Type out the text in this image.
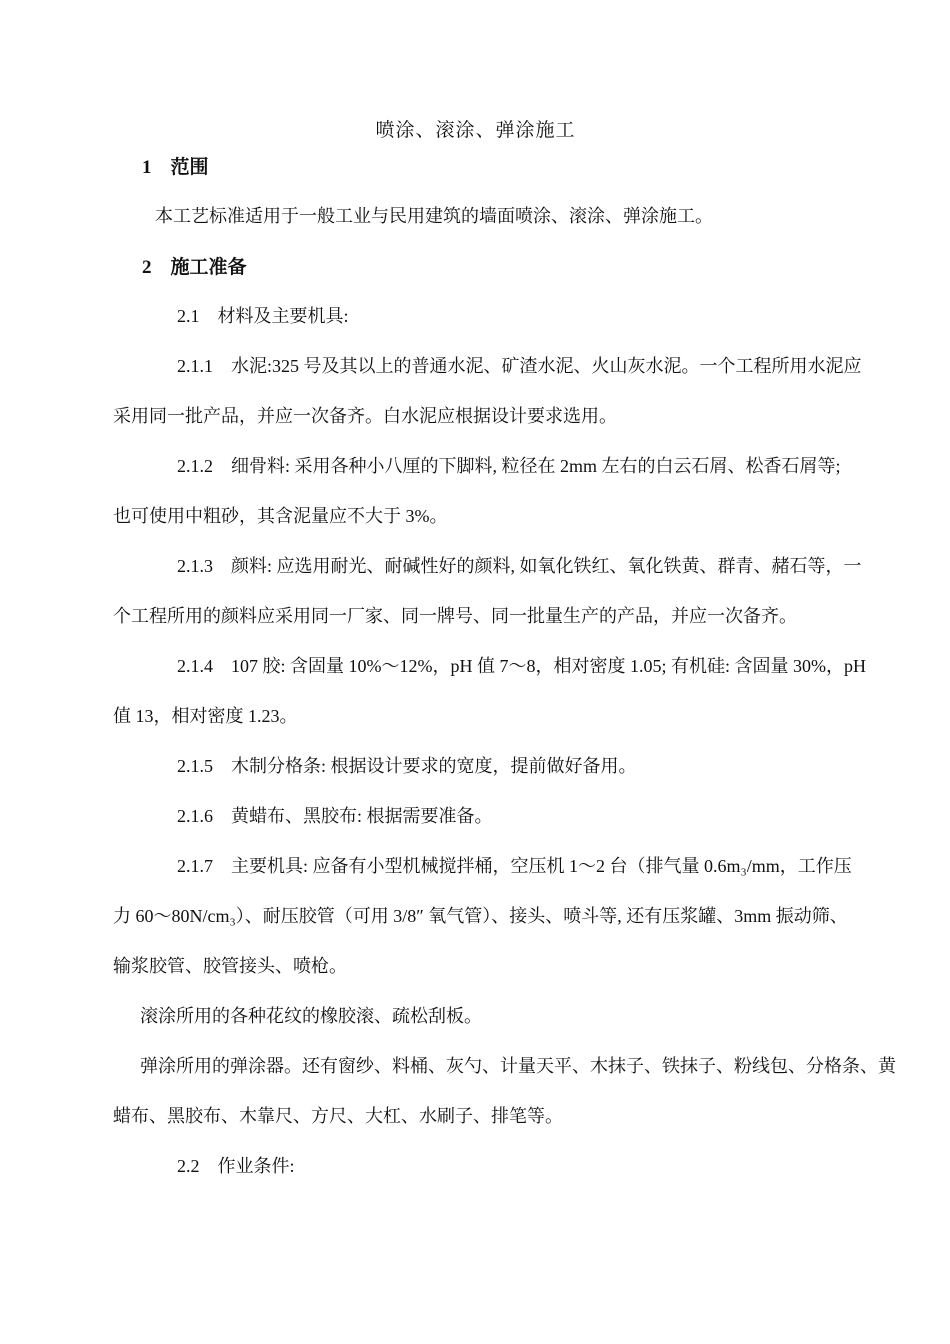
喷涂、滚涂、弹涂施工
1　范围
本工艺标准适用于一般工业与民用建筑的墙面喷涂、滚涂、弹涂施工。
2　施工准备
2.1　材料及主要机具:
2.1.1　水泥:325 号及其以上的普通水泥、矿渣水泥、火山灰水泥。一个工程所用水泥应
采用同一批产品，并应一次备齐。白水泥应根据设计要求选用。
2.1.2　细骨料: 采用各种小八厘的下脚料, 粒径在 2mm 左右的白云石屑、松香石屑等;
也可使用中粗砂，其含泥量应不大于 3%。
2.1.3　颜料: 应选用耐光、耐碱性好的颜料, 如氧化铁红、氧化铁黄、群青、赭石等，一
个工程所用的颜料应采用同一厂家、同一牌号、同一批量生产的产品，并应一次备齐。
2.1.4　107 胶: 含固量 10%～12%，pH 值 7～8，相对密度 1.05; 有机硅: 含固量 30%，pH
值 13，相对密度 1.23。
2.1.5　木制分格条: 根据设计要求的宽度，提前做好备用。
2.1.6　黄蜡布、黑胶布: 根据需要准备。
2.1.7　主要机具: 应备有小型机械搅拌桶，空压机 1～2 台（排气量 0.6m₃/mm，工作压
力 60～80N/cm₃）、耐压胶管（可用 3/8″ 氧气管）、接头、喷斗等, 还有压浆罐、3mm 振动筛、
输浆胶管、胶管接头、喷枪。
滚涂所用的各种花纹的橡胶滚、疏松刮板。
弹涂所用的弹涂器。还有窗纱、料桶、灰勺、计量天平、木抹子、铁抹子、粉线包、分格条、黄
蜡布、黑胶布、木靠尺、方尺、大杠、水刷子、排笔等。
2.2　作业条件:
